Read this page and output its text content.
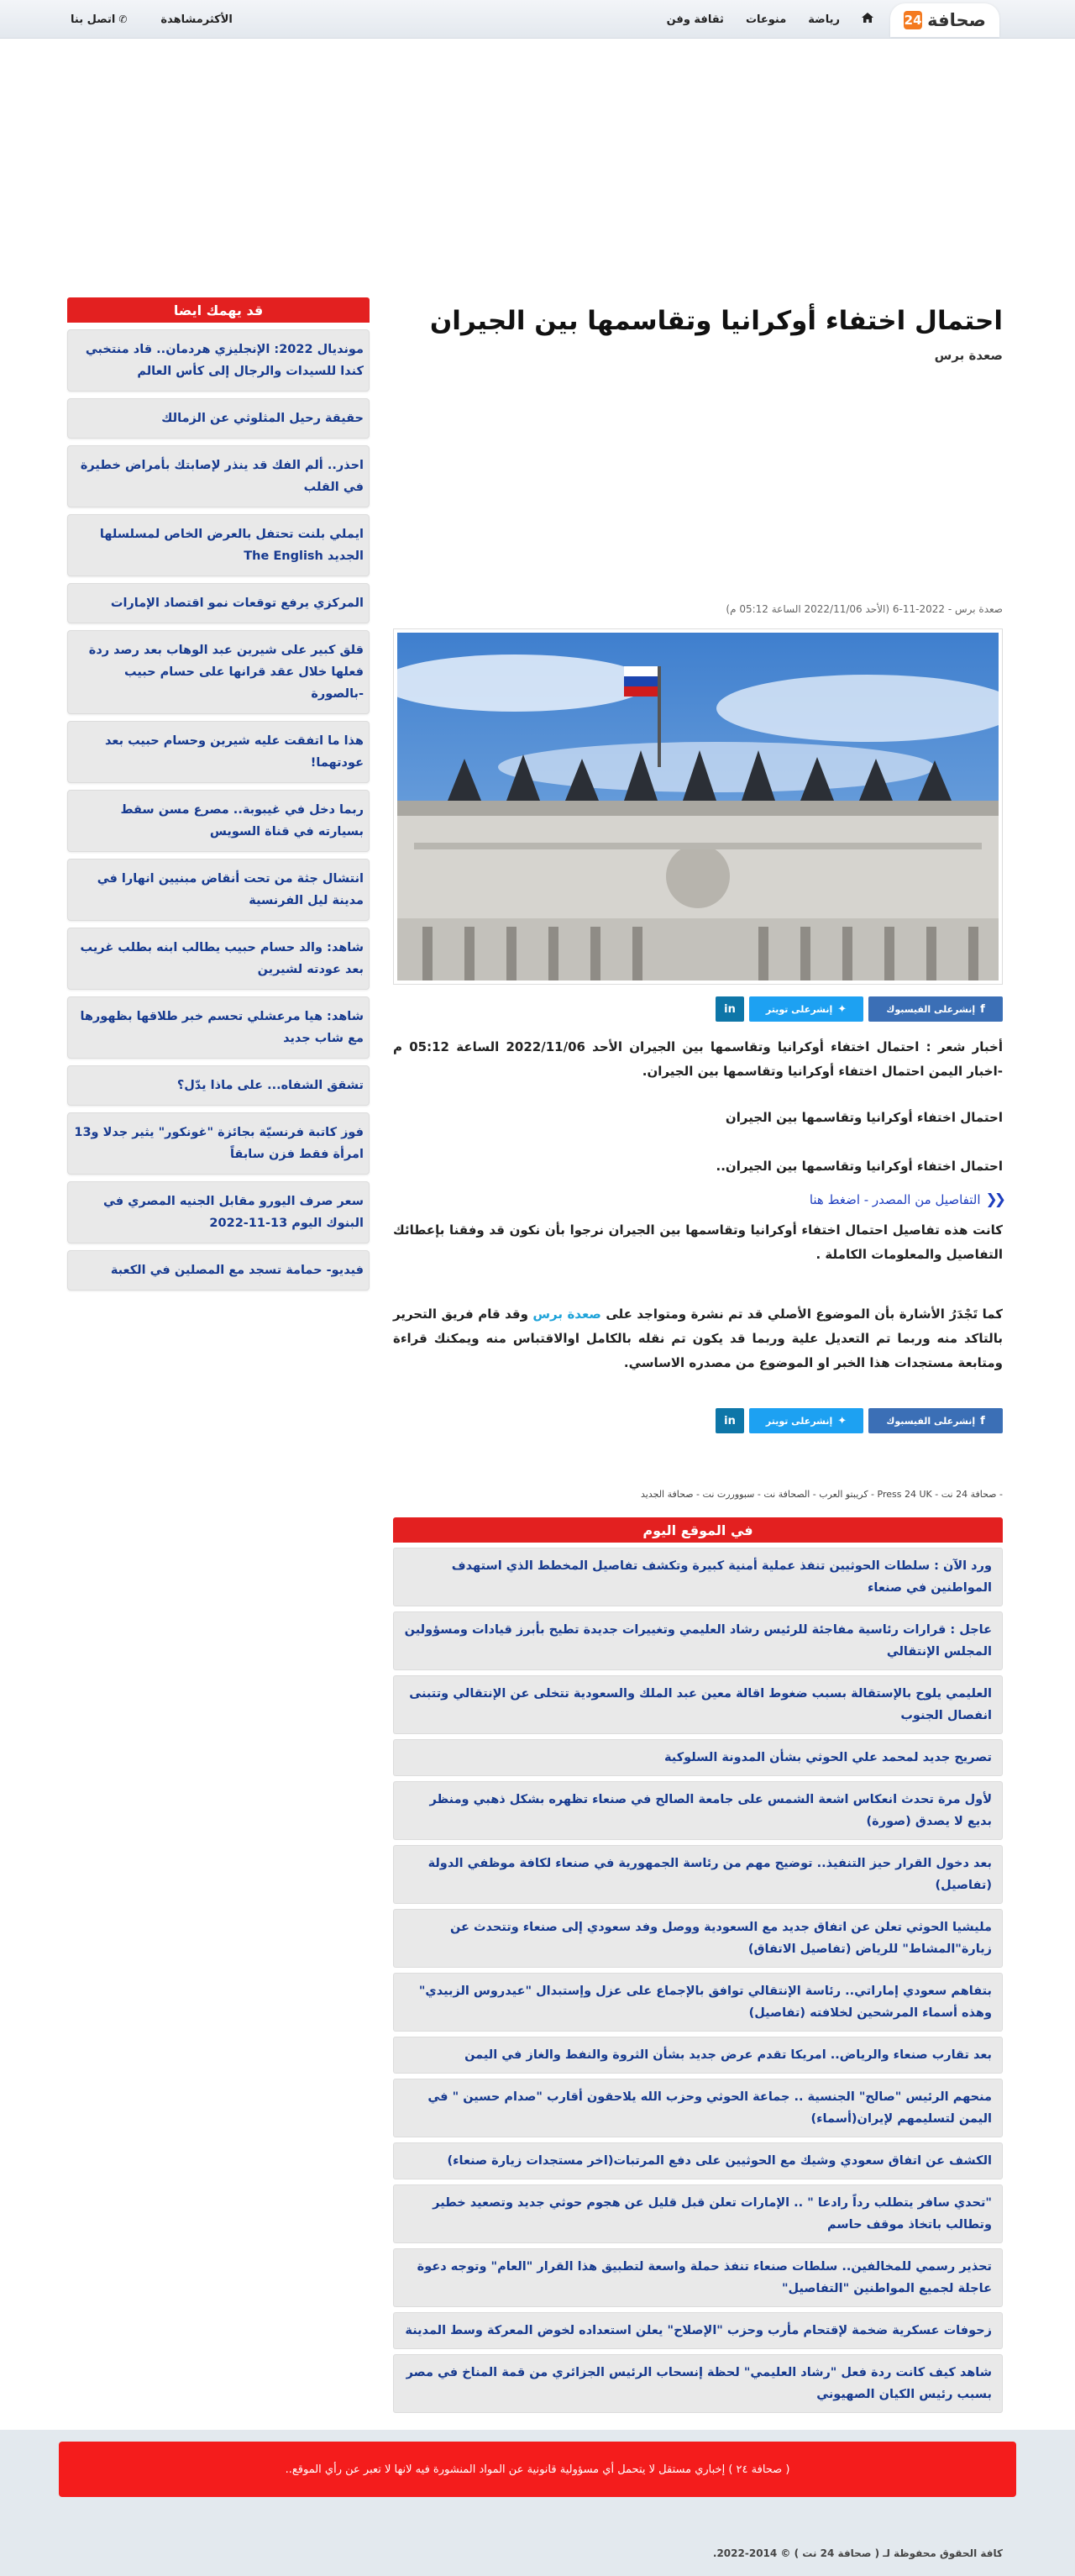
صحافة
24
رياضة
منوعات
ثقافة وفن
الأكثرمشاهدة
✆اتصل بنا
احتمال اختفاء أوكرانيا وتقاسمها بين الجيران
صعدة برس
صعدة برس - 2022-11-6 (الأحد 2022/11/06 الساعة 05:12 م)
f
إنشرعلى الفيسبوك
✦
إنشرعلى تويتر
in

أخبار شعر : احتمال اختفاء أوكرانيا وتقاسمها بين الجيران الأحد 2022/11/06 الساعة 05:12 م -اخبار اليمن احتمال اختفاء أوكرانيا وتقاسمها بين الجيران.

احتمال اختفاء أوكرانيا وتقاسمها بين الجيران

احتمال اختفاء أوكرانيا وتقاسمها بين الجيران..

❮❮
التفاصيل من المصدر - اضغط هنا

كانت هذه تفاصيل احتمال اختفاء أوكرانيا وتقاسمها بين الجيران نرجوا بأن نكون قد وفقنا بإعطائك التفاصيل والمعلومات الكاملة .

كما تَجْدَرُ الأشارة بأن الموضوع الأصلي قد تم نشرة ومتواجد على صعدة برس وقد قام فريق التحرير بالتاكد منه وربما تم التعديل علية وربما قد يكون تم نقله بالكامل اوالاقتباس منه ويمكنك قراءة ومتابعة مستجدات هذا الخبر او الموضوع من مصدره الاساسي.

f
إنشرعلى الفيسبوك
✦
إنشرعلى تويتر
in
- صحافة 24 نت - Press 24 UK - كريبتو العرب - الصحافة نت - سبووررت نت - صحافة الجديد
في الموقع اليوم
ورد الآن : سلطات الحوثيين تنفذ عملية أمنية كبيرة وتكشف تفاصيل المخطط الذي استهدف المواطنين في صنعاء
عاجل : قرارات رئاسية مفاجئة للرئيس رشاد العليمي وتغييرات جديدة تطيح بأبرز قيادات ومسؤولين المجلس الإنتقالي
العليمي يلوح بالإستقالة بسبب ضغوط اقالة معين عبد الملك والسعودية تتخلى عن الإنتقالي وتتبنى انفصال الجنوب
تصريح جديد لمحمد علي الحوثي بشأن المدونة السلوكية
لأول مرة تحدث انعكاس اشعة الشمس على جامعة الصالح في صنعاء تظهره بشكل ذهبي ومنظر بديع لا يصدق (صورة)
بعد دخول القرار حيز التنفيذ.. توضيح مهم من رئاسة الجمهورية في صنعاء لكافة موظفي الدولة (تفاصيل)
مليشيا الحوثي تعلن عن اتفاق جديد مع السعودية ووصل وفد سعودي إلى صنعاء وتتحدث عن زيارة"المشاط" للرياض (تفاصيل الاتفاق)
بتفاهم سعودي إماراتي.. رئاسة الإنتقالي توافق بالإجماع على عزل وإستبدال "عيدروس الزبيدي" وهذه أسماء المرشحين لخلافته (تفاصيل)
بعد تقارب صنعاء والرياض.. امريكا تقدم عرض جديد بشأن الثروة والنفط والغاز في اليمن
منحهم الرئيس "صالح" الجنسية .. جماعة الحوثي وحزب الله يلاحقون أقارب "صدام حسين " في اليمن لتسليمهم لإيران(أسماء)
الكشف عن اتفاق سعودي وشيك مع الحوثيين على دفع المرتبات(اخر مستجدات زيارة صنعاء)
"تحدي سافر يتطلب رداً رادعا " .. الإمارات تعلن قبل قليل عن هجوم حوثي جديد وتصعيد خطير وتطالب باتخاذ موقف حاسم
تحذير رسمي للمخالفين.. سلطات صنعاء تنفذ حملة واسعة لتطبيق هذا القرار "العام" وتوجه دعوة عاجلة لجميع المواطنين "التفاصيل"
زحوفات عسكرية ضخمة لإقتحام مأرب وحزب "الإصلاح" يعلن استعداده لخوض المعركة وسط المدينة
شاهد كيف كانت ردة فعل "رشاد العليمي" لحظة إنسحاب الرئيس الجزائري من قمة المناخ في مصر بسبب رئيس الكيان الصهيوني
قد يهمك ايضا
مونديال 2022: الإنجليزي هردمان.. قاد منتخبي كندا للسيدات والرجال إلى كأس العالم
حقيقة رحيل المثلوثي عن الزمالك
احذر.. ألم الفك قد ينذر لإصابتك بأمراض خطيرة في القلب
ايملي بلنت تحتفل بالعرض الخاص لمسلسلها الجديد The English
المركزي يرفع توقعات نمو اقتصاد الإمارات
قلق كبير على شيرين عبد الوهاب بعد رصد ردة فعلها خلال عقد قرانها على حسام حبيب -بالصورة
هذا ما اتفقت عليه شيرين وحسام حبيب بعد عودتهما!
ربما دخل في غيبوبة.. مصرع مسن سقط بسيارته في قناة السويس
انتشال جثة من تحت أنقاض مبنيين انهارا في مدينة ليل الفرنسية
شاهد: والد حسام حبيب يطالب ابنه بطلب غريب بعد عودته لشيرين
شاهد: هيا مرعشلي تحسم خبر طلاقها بظهورها مع شاب جديد
تشقق الشفاه... على ماذا يدّل؟
فوز كاتبة فرنسيّة بجائزة "غونكور" يثير جدلا و13 امرأة فقط فزن سابقاً
سعر صرف اليورو مقابل الجنيه المصري في البنوك اليوم 13-11-2022
فيديو- حمامة تسجد مع المصلين في الكعبة
( صحافة ٢٤ ) إخباري مستقل لا يتحمل أي مسؤولية قانونية عن المواد المنشورة فيه لانها لا تعبر عن رأي الموقع..
كافة الحقوق محفوظة لـ ( صحافة 24 نت ) © 2014-2022.
